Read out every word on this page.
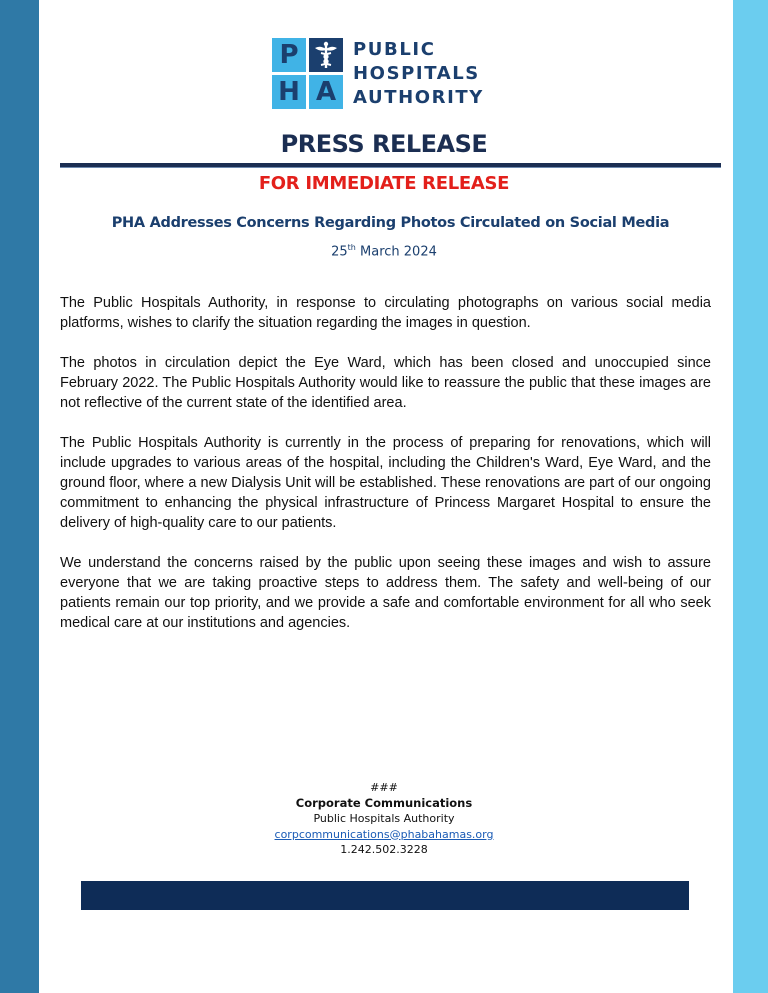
P
H A
PUBLIC
HOSPITALS
AUTHORITY
PRESS RELEASE
FOR IMMEDIATE RELEASE
PHA Addresses Concerns Regarding Photos Circulated on Social Media
25th March 2024

The Public Hospitals Authority, in response to circulating photographs on various social media platforms, wishes to clarify the situation regarding the images in question.

The photos in circulation depict the Eye Ward, which has been closed and unoccupied since February 2022. The Public Hospitals Authority would like to reassure the public that these images are not reflective of the current state of the identified area.

The Public Hospitals Authority is currently in the process of preparing for renovations, which will include upgrades to various areas of the hospital, including the Children's Ward, Eye Ward, and the ground floor, where a new Dialysis Unit will be established. These renovations are part of our ongoing commitment to enhancing the physical infrastructure of Princess Margaret Hospital to ensure the delivery of high-quality care to our patients.

We understand the concerns raised by the public upon seeing these images and wish to assure everyone that we are taking proactive steps to address them. The safety and well-being of our patients remain our top priority, and we provide a safe and comfortable environment for all who seek medical care at our institutions and agencies.

###
Corporate Communications
Public Hospitals Authority
corpcommunications@phabahamas.org
1.242.502.3228
